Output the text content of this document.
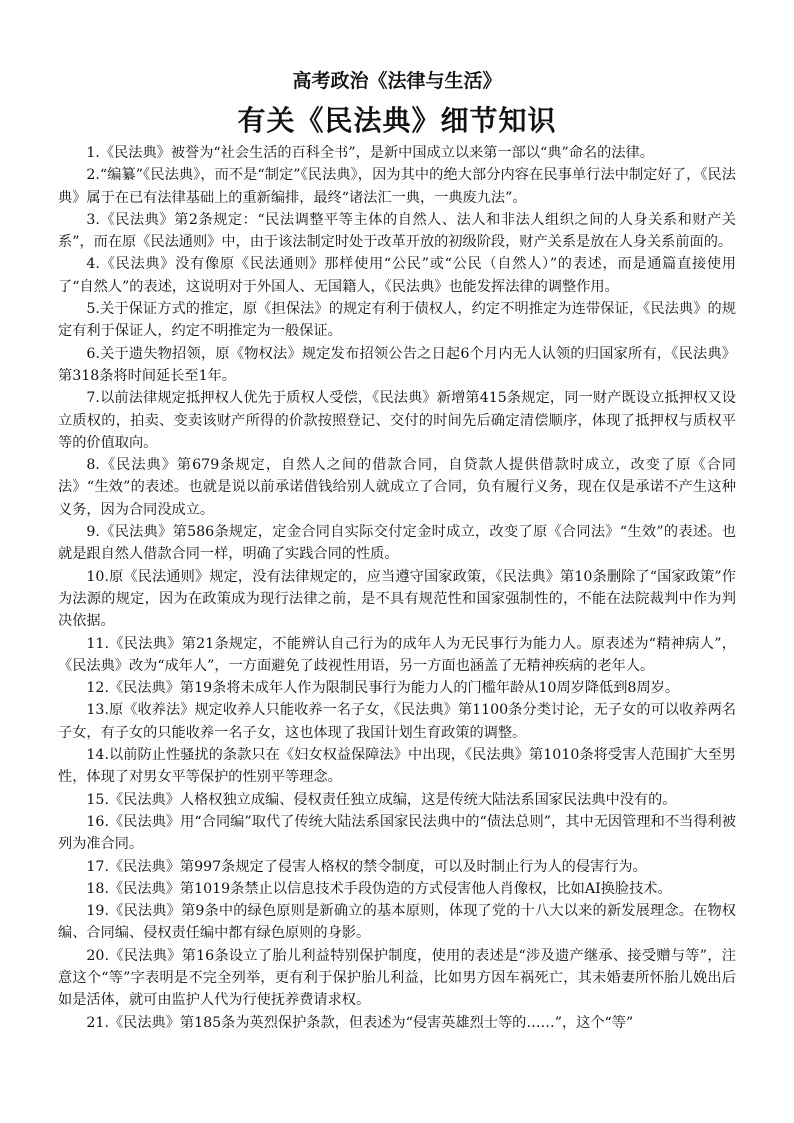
高考政治《法律与生活》
有关《民法典》细节知识

1.《民法典》被誉为“社会生活的百科全书”，是新中国成立以来第一部以“典”命名的法律。

2.“编纂”《民法典》，而不是“制定”《民法典》，因为其中的绝大部分内容在民事单行法中制定好了，《民法典》属于在已有法律基础上的重新编排，最终“诸法汇一典，一典废九法”。

3.《民法典》第2条规定：“民法调整平等主体的自然人、法人和非法人组织之间的人身关系和财产关系”，而在原《民法通则》中，由于该法制定时处于改革开放的初级阶段，财产关系是放在人身关系前面的。

4.《民法典》没有像原《民法通则》那样使用“公民”或“公民（自然人）”的表述，而是通篇直接使用了“自然人”的表述，这说明对于外国人、无国籍人，《民法典》也能发挥法律的调整作用。

5.关于保证方式的推定，原《担保法》的规定有利于债权人，约定不明推定为连带保证，《民法典》的规定有利于保证人，约定不明推定为一般保证。

6.关于遗失物招领，原《物权法》规定发布招领公告之日起6个月内无人认领的归国家所有，《民法典》第318条将时间延长至1年。

7.以前法律规定抵押权人优先于质权人受偿，《民法典》新增第415条规定，同一财产既设立抵押权又设立质权的，拍卖、变卖该财产所得的价款按照登记、交付的时间先后确定清偿顺序，体现了抵押权与质权平等的价值取向。

8.《民法典》第679条规定，自然人之间的借款合同，自贷款人提供借款时成立，改变了原《合同法》“生效”的表述。也就是说以前承诺借钱给别人就成立了合同，负有履行义务，现在仅是承诺不产生这种义务，因为合同没成立。

9.《民法典》第586条规定，定金合同自实际交付定金时成立，改变了原《合同法》“生效”的表述。也就是跟自然人借款合同一样，明确了实践合同的性质。

10.原《民法通则》规定，没有法律规定的，应当遵守国家政策，《民法典》第10条删除了“国家政策”作为法源的规定，因为在政策成为现行法律之前，是不具有规范性和国家强制性的，不能在法院裁判中作为判决依据。

11.《民法典》第21条规定，不能辨认自己行为的成年人为无民事行为能力人。原表述为“精神病人”，《民法典》改为“成年人”，一方面避免了歧视性用语，另一方面也涵盖了无精神疾病的老年人。

12.《民法典》第19条将未成年人作为限制民事行为能力人的门槛年龄从10周岁降低到8周岁。

13.原《收养法》规定收养人只能收养一名子女，《民法典》第1100条分类讨论，无子女的可以收养两名子女，有子女的只能收养一名子女，这也体现了我国计划生育政策的调整。

14.以前防止性骚扰的条款只在《妇女权益保障法》中出现，《民法典》第1010条将受害人范围扩大至男性，体现了对男女平等保护的性别平等理念。

15.《民法典》人格权独立成编、侵权责任独立成编，这是传统大陆法系国家民法典中没有的。

16.《民法典》用“合同编”取代了传统大陆法系国家民法典中的“债法总则”，其中无因管理和不当得利被列为准合同。

17.《民法典》第997条规定了侵害人格权的禁令制度，可以及时制止行为人的侵害行为。

18.《民法典》第1019条禁止以信息技术手段伪造的方式侵害他人肖像权，比如AI换脸技术。

19.《民法典》第9条中的绿色原则是新确立的基本原则，体现了党的十八大以来的新发展理念。在物权编、合同编、侵权责任编中都有绿色原则的身影。

20.《民法典》第16条设立了胎儿利益特别保护制度，使用的表述是“涉及遗产继承、接受赠与等”，注意这个“等”字表明是不完全列举，更有利于保护胎儿利益，比如男方因车祸死亡，其未婚妻所怀胎儿娩出后如是活体，就可由监护人代为行使抚养费请求权。

21.《民法典》第185条为英烈保护条款，但表述为“侵害英雄烈士等的……”，这个“等”
